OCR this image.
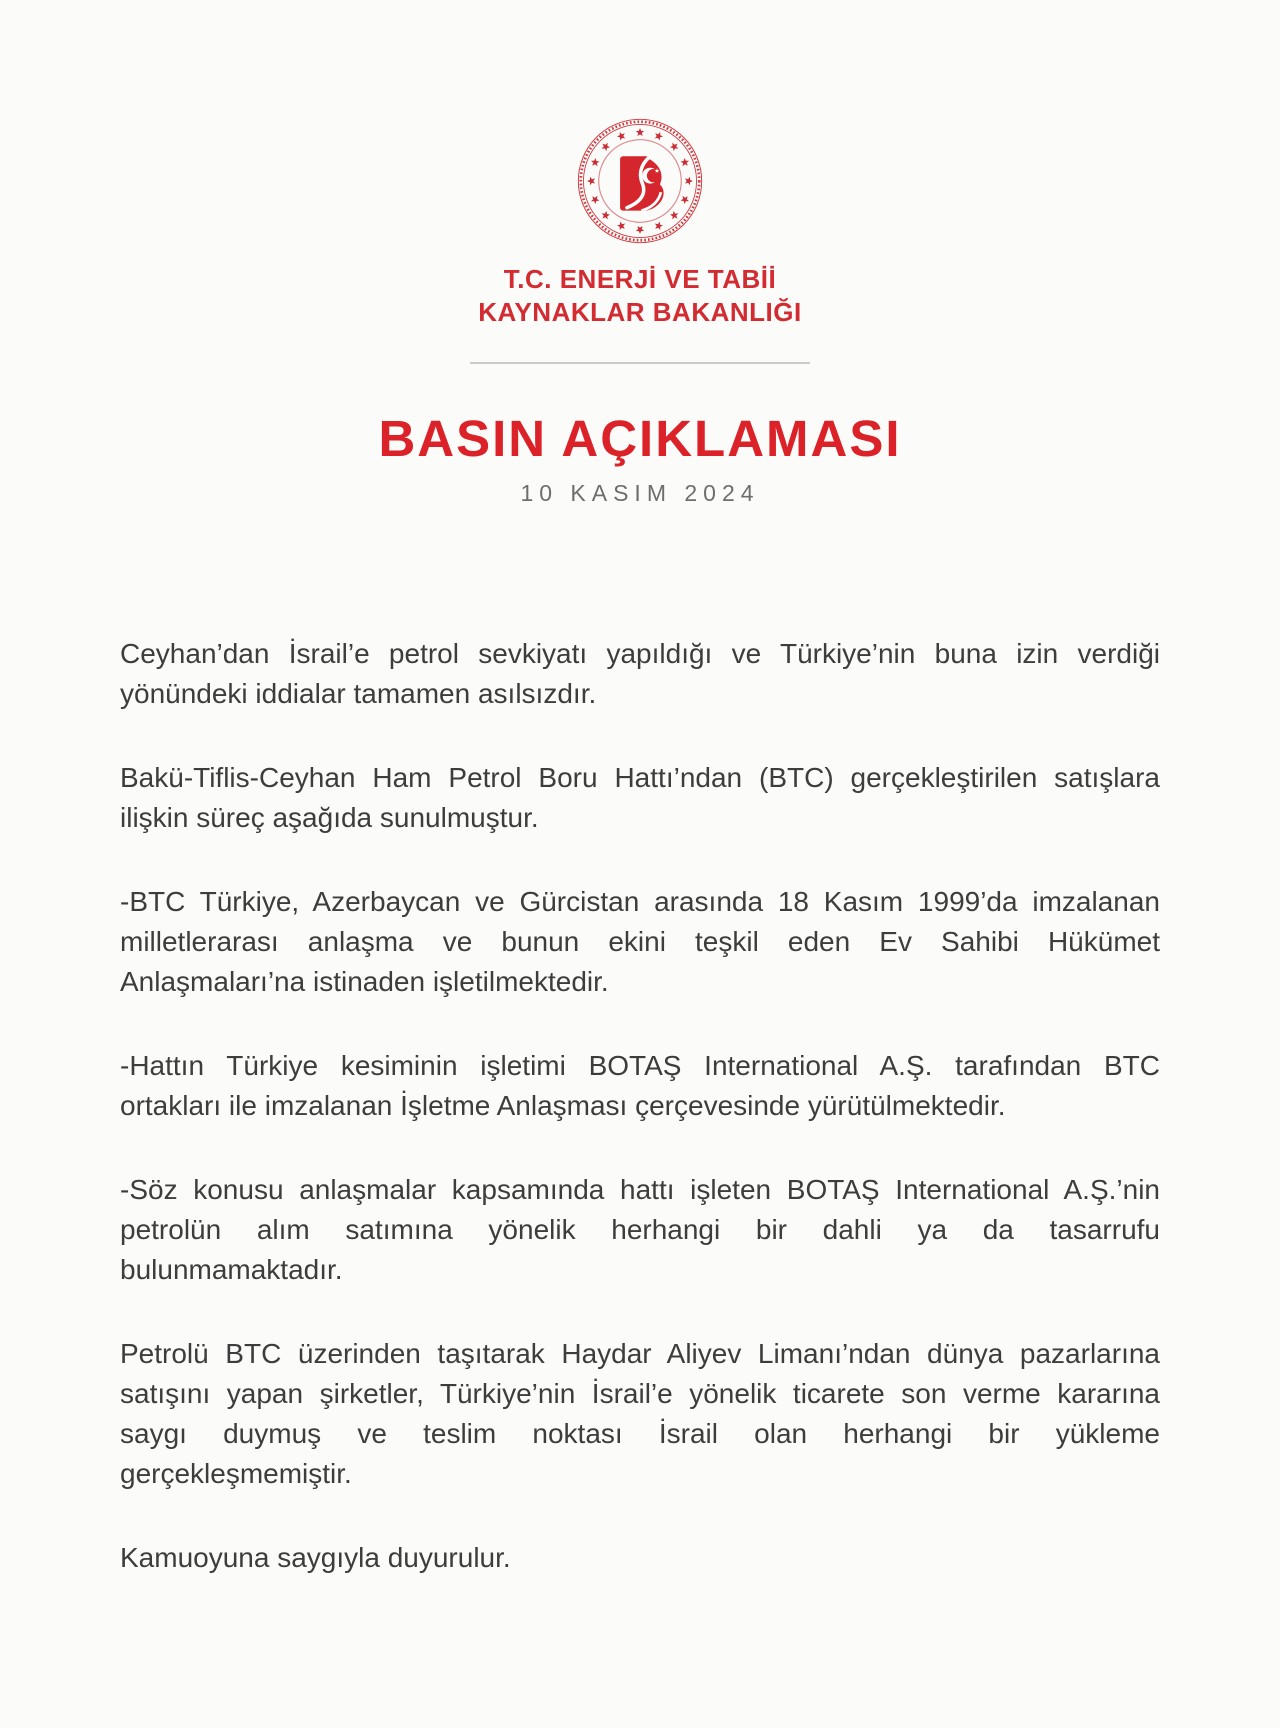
T.C. ENERJİ VE TABİİ
KAYNAKLAR BAKANLIĞI
BASIN AÇIKLAMASI
10 KASIM 2024
Ceyhan’dan İsrail’e petrol sevkiyatı yapıldığı ve Türkiye’nin buna izin verdiği
yönündeki iddialar tamamen asılsızdır.
Bakü-Tiflis-Ceyhan Ham Petrol Boru Hattı’ndan (BTC) gerçekleştirilen satışlara
ilişkin süreç aşağıda sunulmuştur.
-BTC Türkiye, Azerbaycan ve Gürcistan arasında 18 Kasım 1999’da imzalanan
milletlerarası anlaşma ve bunun ekini teşkil eden Ev Sahibi Hükümet
Anlaşmaları’na istinaden işletilmektedir.
-Hattın Türkiye kesiminin işletimi BOTAŞ International A.Ş. tarafından BTC
ortakları ile imzalanan İşletme Anlaşması çerçevesinde yürütülmektedir.
-Söz konusu anlaşmalar kapsamında hattı işleten BOTAŞ International A.Ş.’nin
petrolün alım satımına yönelik herhangi bir dahli ya da tasarrufu
bulunmamaktadır.
Petrolü BTC üzerinden taşıtarak Haydar Aliyev Limanı’ndan dünya pazarlarına
satışını yapan şirketler, Türkiye’nin İsrail’e yönelik ticarete son verme kararına
saygı duymuş ve teslim noktası İsrail olan herhangi bir yükleme
gerçekleşmemiştir.
Kamuoyuna saygıyla duyurulur.
